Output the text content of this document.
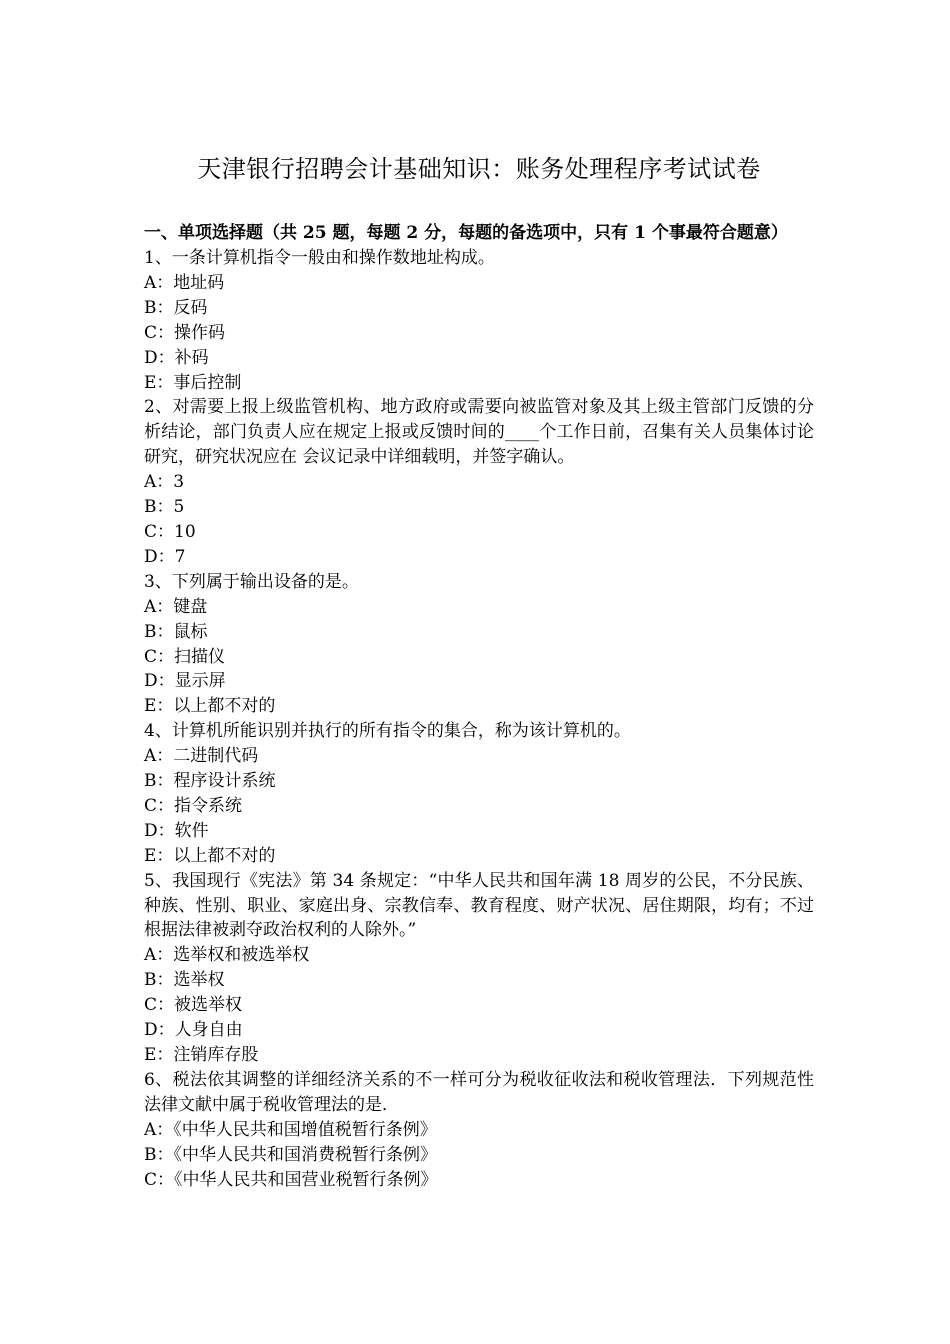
天津银行招聘会计基础知识：账务处理程序考试试卷
一、单项选择题（共 25 题，每题 2 分，每题的备选项中，只有 1 个事最符合题意）

1、一条计算机指令一般由和操作数地址构成。

A：地址码

B：反码

C：操作码

D：补码

E：事后控制

2、对需要上报上级监管机构、地方政府或需要向被监管对象及其上级主管部门反馈的分析结论，部门负责人应在规定上报或反馈时间的____个工作日前，召集有关人员集体讨论研究，研究状况应在 会议记录中详细载明，并签字确认。

A：3

B：5

C：10

D：7

3、下列属于输出设备的是。

A：键盘

B：鼠标

C：扫描仪

D：显示屏

E：以上都不对的

4、计算机所能识别并执行的所有指令的集合，称为该计算机的。

A：二进制代码

B：程序设计系统

C：指令系统

D：软件

E：以上都不对的

5、我国现行《宪法》第 34 条规定：“中华人民共和国年满 18 周岁的公民，不分民族、种族、性别、职业、家庭出身、宗教信奉、教育程度、财产状况、居住期限，均有；不过根据法律被剥夺政治权利的人除外。”

A：选举权和被选举权

B：选举权

C：被选举权

D：人身自由

E：注销库存股

6、税法依其调整的详细经济关系的不一样可分为税收征收法和税收管理法．下列规范性法律文献中属于税收管理法的是．

A：《中华人民共和国增值税暂行条例》

B：《中华人民共和国消费税暂行条例》

C：《中华人民共和国营业税暂行条例》
